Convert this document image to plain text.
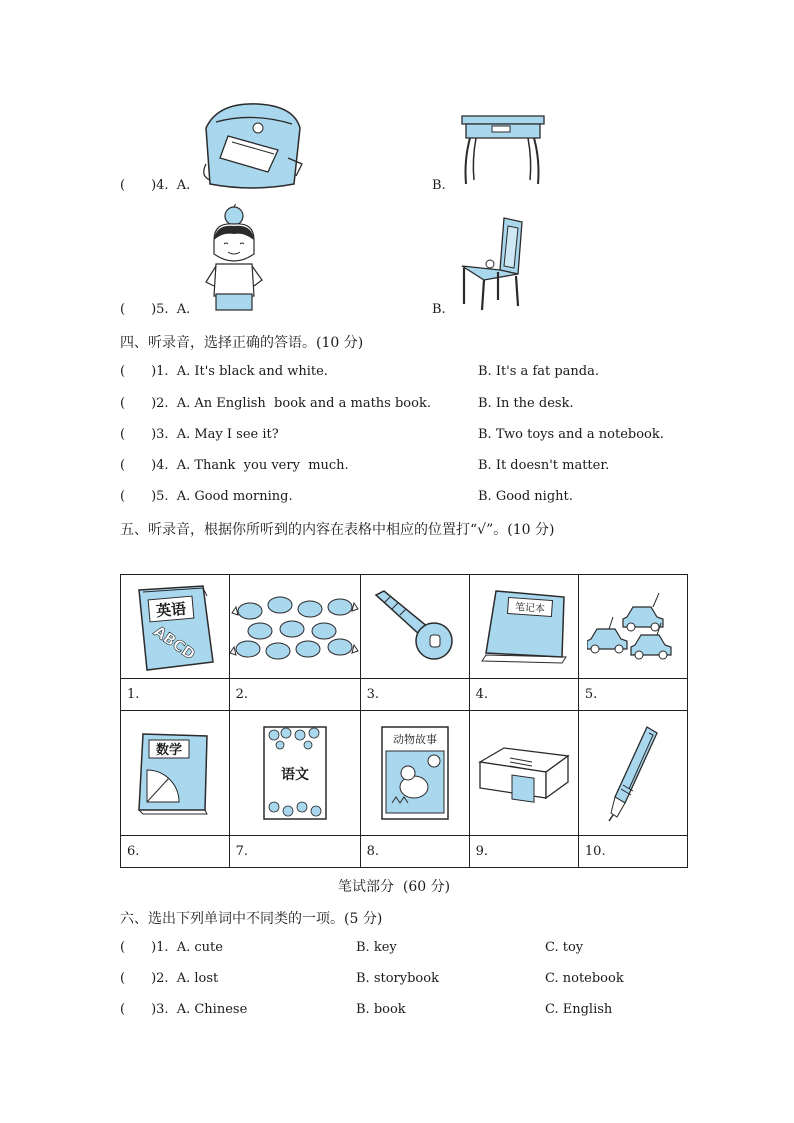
( )4. A.	B.
( )5. A.	B.
四、听录音，选择正确的答语。(10 分)
( )1. A. It's black and white.	B. It's a fat panda.
( )2. A. An English  book and a maths book.	B. In the desk.
( )3. A. May I see it?	B. Two toys and a notebook.
( )4. A. Thank  you very  much.	B. It doesn't matter.
( )5. A. Good morning.	B. Good night.
五、听录音，根据你所听到的内容在表格中相应的位置打“√”。(10 分)
英语
ABCD			笔记本

1.	2.	3.	4.	5.

数学	语文	动物故事

6.	7.	8.	9.	10.
笔试部分  (60 分)
六、选出下列单词中不同类的一项。(5 分)
( )1. A. cute	B. key	C. toy
( )2. A. lost	B. storybook	C. notebook
( )3. A. Chinese	B. book	C. English
